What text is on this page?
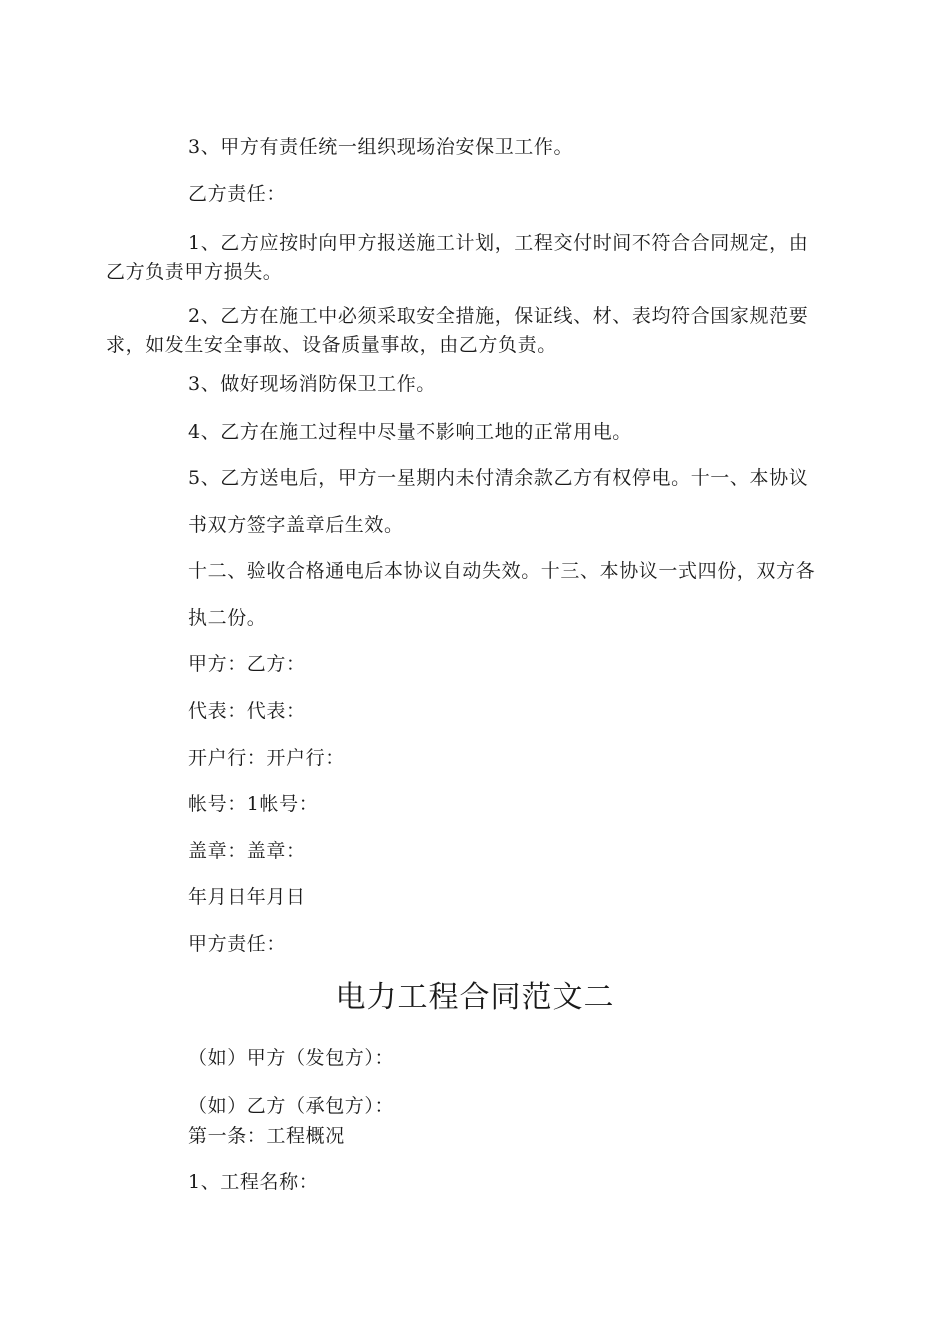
3、甲方有责任统一组织现场治安保卫工作。
乙方责任：
1、乙方应按时向甲方报送施工计划，工程交付时间不符合合同规定，由
乙方负责甲方损失。
2、乙方在施工中必须采取安全措施，保证线、材、表均符合国家规范要
求，如发生安全事故、设备质量事故，由乙方负责。
3、做好现场消防保卫工作。
4、乙方在施工过程中尽量不影响工地的正常用电。
5、乙方送电后，甲方一星期内未付清余款乙方有权停电。十一、本协议
书双方签字盖章后生效。
十二、验收合格通电后本协议自动失效。十三、本协议一式四份，双方各
执二份。
甲方：乙方：
代表：代表：
开户行：开户行：
帐号：1帐号：
盖章：盖章：
年月日年月日
甲方责任：
电力工程合同范文二
（如）甲方（发包方）：
（如）乙方（承包方）：
第一条：工程概况
1、工程名称：
